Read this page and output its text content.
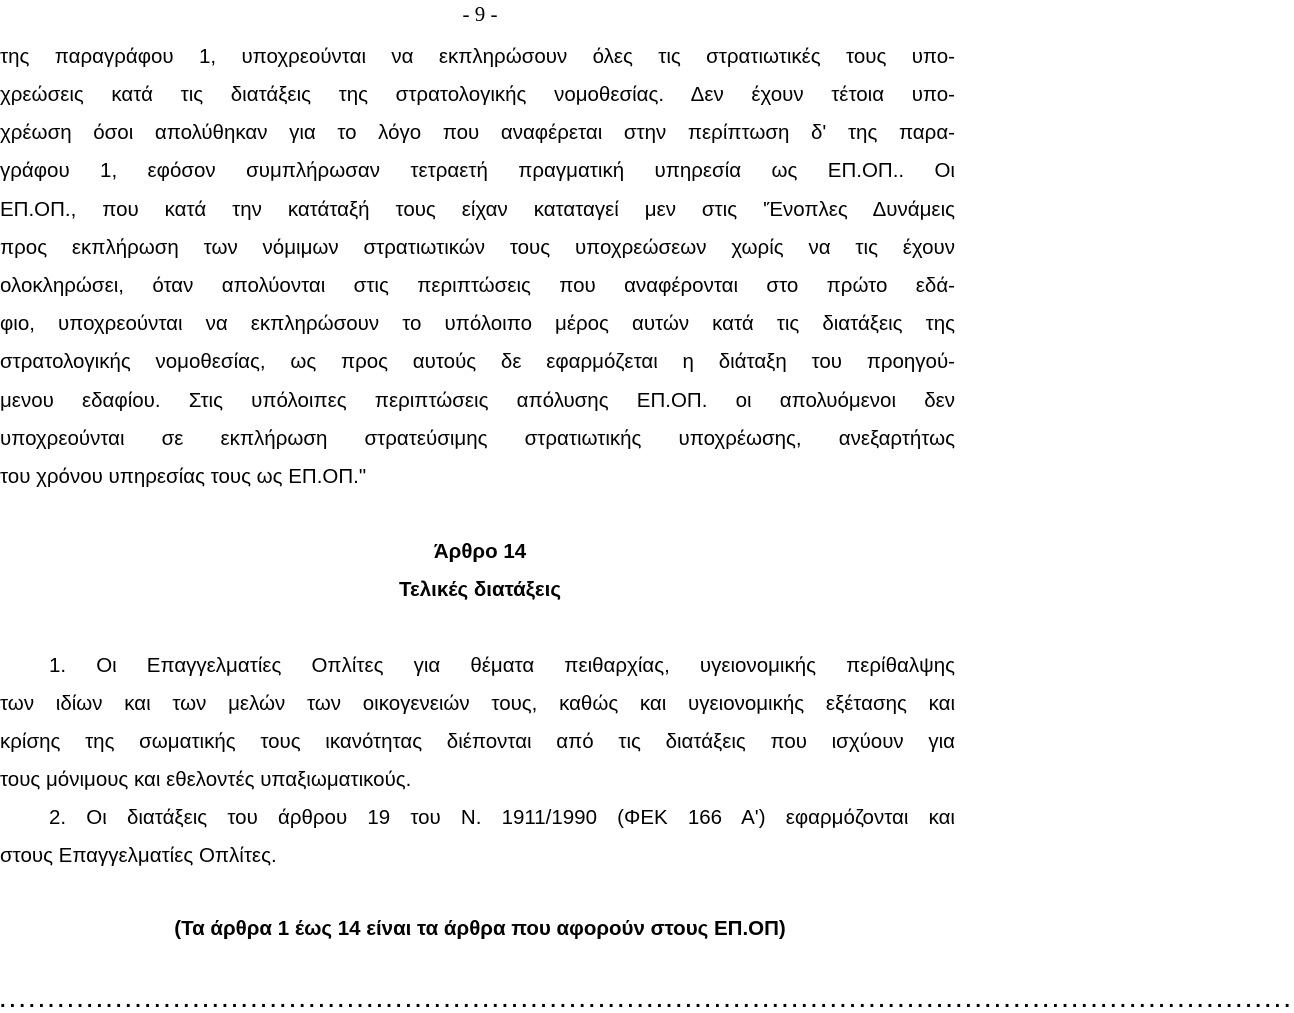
- 9 -
της παραγράφου 1, υποχρεούνται να εκπληρώσουν όλες τις στρατιωτικές τους υπο-
χρεώσεις κατά τις διατάξεις της στρατολογικής νομοθεσίας. Δεν έχουν τέτοια υπο-
χρέωση όσοι απολύθηκαν για το λόγο που αναφέρεται στην περίπτωση δ' της παρα-
γράφου 1, εφόσον συμπλήρωσαν τετραετή πραγματική υπηρεσία ως ΕΠ.ΟΠ.. Οι
ΕΠ.ΟΠ., που κατά την κατάταξή τους είχαν καταταγεί μεν στις 'Ένοπλες Δυνάμεις
προς εκπλήρωση των νόμιμων στρατιωτικών τους υποχρεώσεων χωρίς να τις έχουν
ολοκληρώσει, όταν απολύονται στις περιπτώσεις που αναφέρονται στο πρώτο εδά-
φιο, υποχρεούνται να εκπληρώσουν το υπόλοιπο μέρος αυτών κατά τις διατάξεις της
στρατολογικής νομοθεσίας, ως προς αυτούς δε εφαρμόζεται η διάταξη του προηγού-
μενου εδαφίου. Στις υπόλοιπες περιπτώσεις απόλυσης ΕΠ.ΟΠ. οι απολυόμενοι δεν
υποχρεούνται σε εκπλήρωση στρατεύσιμης στρατιωτικής υποχρέωσης, ανεξαρτήτως
του χρόνου υπηρεσίας τους ως ΕΠ.ΟΠ."
Άρθρο 14
Τελικές διατάξεις
1. Οι Επαγγελματίες Οπλίτες για θέματα πειθαρχίας, υγειονομικής περίθαλψης
των ιδίων και των μελών των οικογενειών τους, καθώς και υγειονομικής εξέτασης και
κρίσης της σωματικής τους ικανότητας διέπονται από τις διατάξεις που ισχύουν για
τους μόνιμους και εθελοντές υπαξιωματικούς.
2. Οι διατάξεις του άρθρου 19 του Ν. 1911/1990 (ΦΕΚ 166 Α') εφαρμόζονται και
στους Επαγγελματίες Οπλίτες.
(Τα άρθρα 1 έως 14 είναι τα άρθρα που αφορούν στους ΕΠ.ΟΠ)
......................................................................................................................................
